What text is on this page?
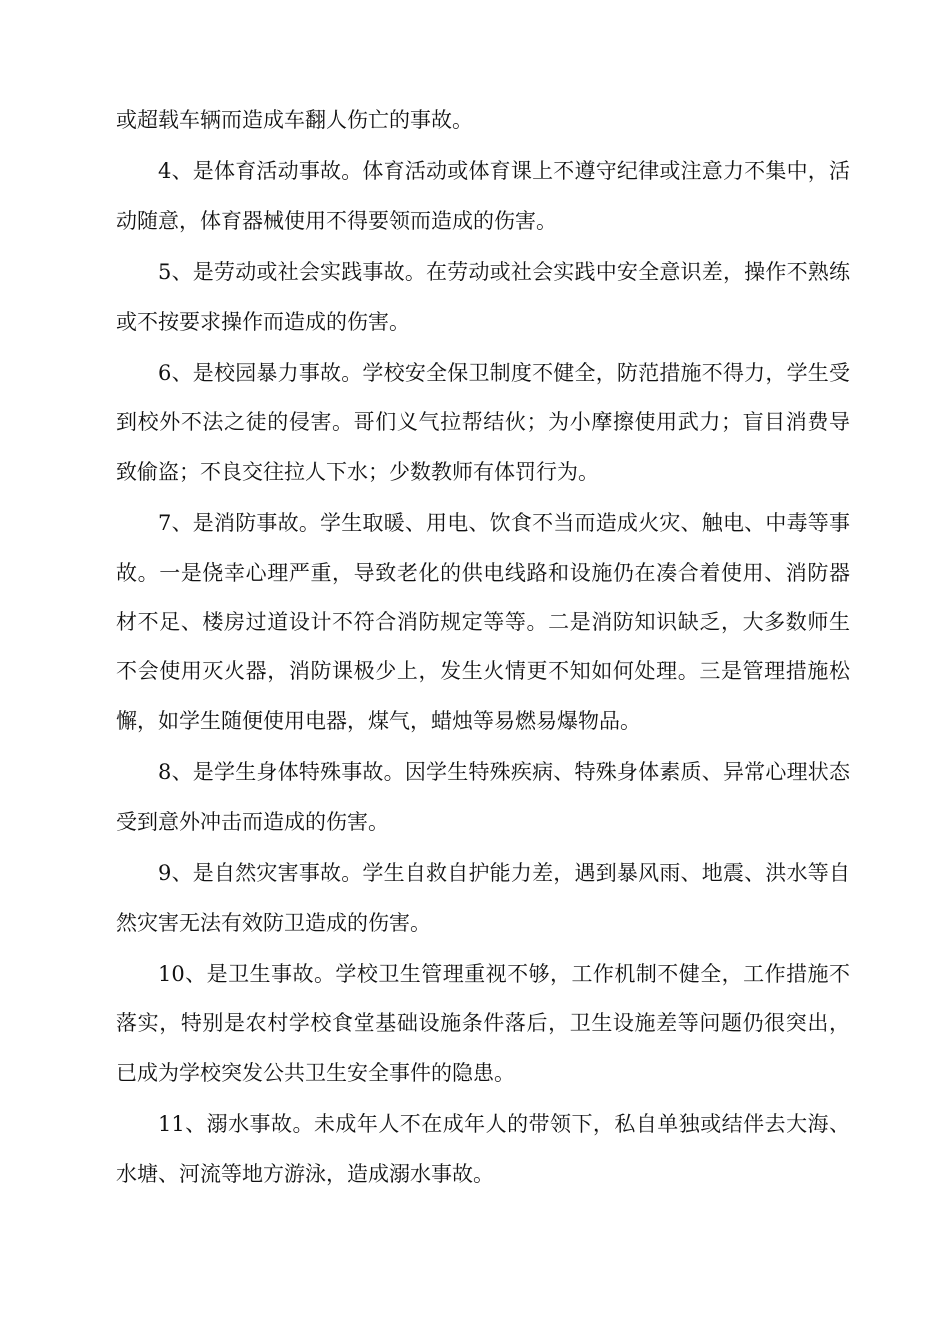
或超载车辆而造成车翻人伤亡的事故。

4、是体育活动事故。体育活动或体育课上不遵守纪律或注意力不集中，活动随意，体育器械使用不得要领而造成的伤害。

5、是劳动或社会实践事故。在劳动或社会实践中安全意识差，操作不熟练或不按要求操作而造成的伤害。

6、是校园暴力事故。学校安全保卫制度不健全，防范措施不得力，学生受到校外不法之徒的侵害。哥们义气拉帮结伙；为小摩擦使用武力；盲目消费导致偷盗；不良交往拉人下水；少数教师有体罚行为。

7、是消防事故。学生取暖、用电、饮食不当而造成火灾、触电、中毒等事故。一是侥幸心理严重，导致老化的供电线路和设施仍在凑合着使用、消防器材不足、楼房过道设计不符合消防规定等等。二是消防知识缺乏，大多数师生不会使用灭火器，消防课极少上，发生火情更不知如何处理。三是管理措施松懈，如学生随便使用电器，煤气，蜡烛等易燃易爆物品。

8、是学生身体特殊事故。因学生特殊疾病、特殊身体素质、异常心理状态受到意外冲击而造成的伤害。

9、是自然灾害事故。学生自救自护能力差，遇到暴风雨、地震、洪水等自然灾害无法有效防卫造成的伤害。

10、是卫生事故。学校卫生管理重视不够，工作机制不健全，工作措施不落实，特别是农村学校食堂基础设施条件落后，卫生设施差等问题仍很突出，已成为学校突发公共卫生安全事件的隐患。

11、溺水事故。未成年人不在成年人的带领下，私自单独或结伴去大海、水塘、河流等地方游泳，造成溺水事故。
